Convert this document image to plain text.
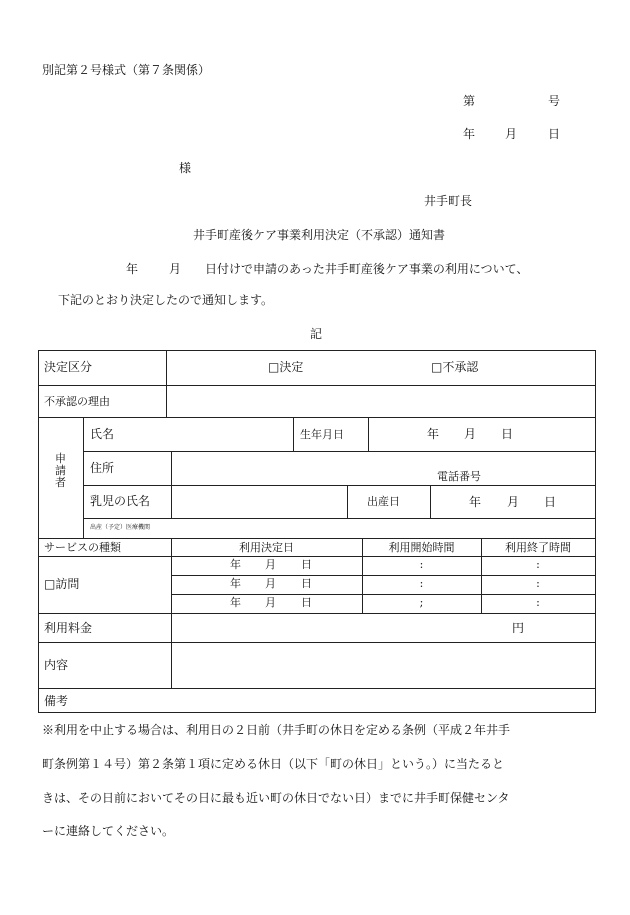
別記第２号様式（第７条関係）
第	号
年 月	日
様
井手町長
井手町産後ケア事業利用決定（不承認）通知書
年	月 日付けで申請のあった井手町産後ケア事業の利用について、
下記のとおり決定したので通知します。
記
決定区分	□決定	□不承認
不承認の理由
申請者
氏名	生年月日	年 月 日
住所
電話番号
乳児の氏名	出産日	年 月 日
出産（予定）医療機関
サービスの種類	利用決定日	利用開始時間	利用終了時間
□訪問
年 月 日	:	:
年 月 日	:	:
年 月 日	;	:
利用料金	円
内容
備考
※利用を中止する場合は、利用日の２日前（井手町の休日を定める条例（平成２年井手
町条例第１４号）第２条第１項に定める休日（以下「町の休日」という。）に当たると
きは、その日前においてその日に最も近い町の休日でない日）までに井手町保健センタ
ーに連絡してください。
